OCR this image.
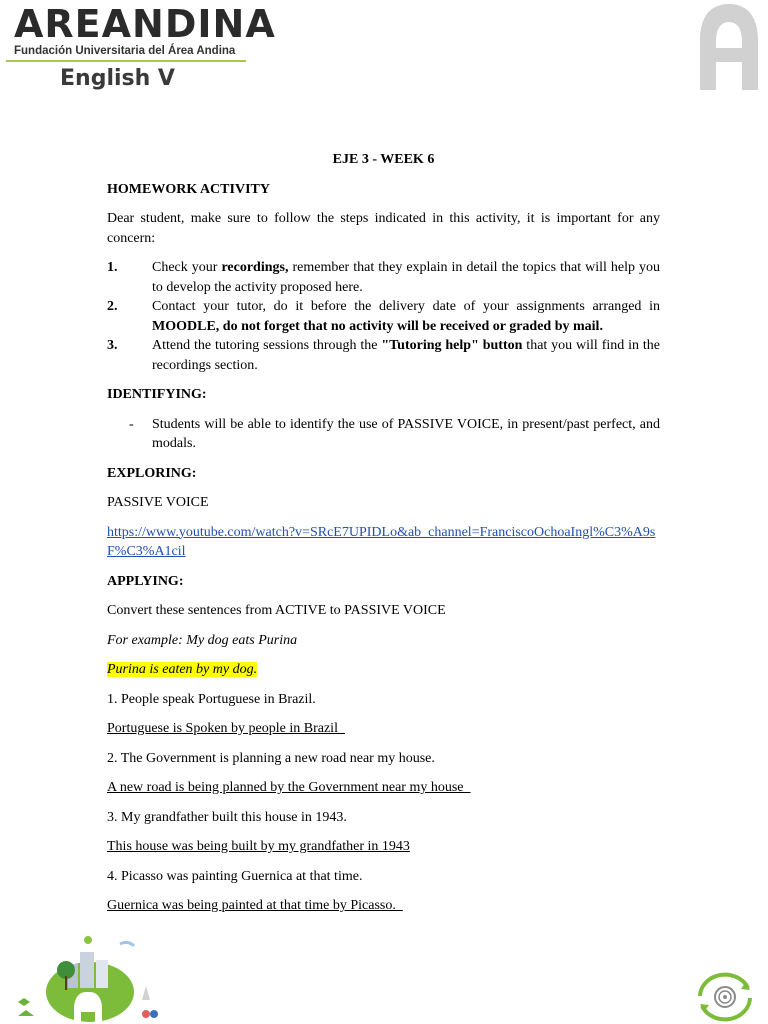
AREANDINA
Fundación Universitaria del Área Andina
English V

EJE 3 - WEEK 6

HOMEWORK ACTIVITY

Dear student, make sure to follow the steps indicated in this activity, it is important for any concern:

1.	Check your recordings, remember that they explain in detail the topics that will help you to develop the activity proposed here.
2.	Contact your tutor, do it before the delivery date of your assignments arranged in MOODLE, do not forget that no activity will be received or graded by mail.
3.	Attend the tutoring sessions through the "Tutoring help" button that you will find in the recordings section.

IDENTIFYING:

-	Students will be able to identify the use of PASSIVE VOICE, in present/past perfect, and modals.

EXPLORING:

PASSIVE VOICE

https://www.youtube.com/watch?v=SRcE7UPIDLo&ab_channel=FranciscoOchoaIngl%C3%A9sF%C3%A1cil

APPLYING:

Convert these sentences from ACTIVE to PASSIVE VOICE

For example: My dog eats Purina

Purina is eaten by my dog.

1. People speak Portuguese in Brazil.

Portuguese is Spoken by people in Brazil

2. The Government is planning a new road near my house.

A new road is being planned by the Government near my house

3. My grandfather built this house in 1943.

This house was being built by my grandfather in 1943

4. Picasso was painting Guernica at that time.

Guernica was being painted at that time by Picasso.
